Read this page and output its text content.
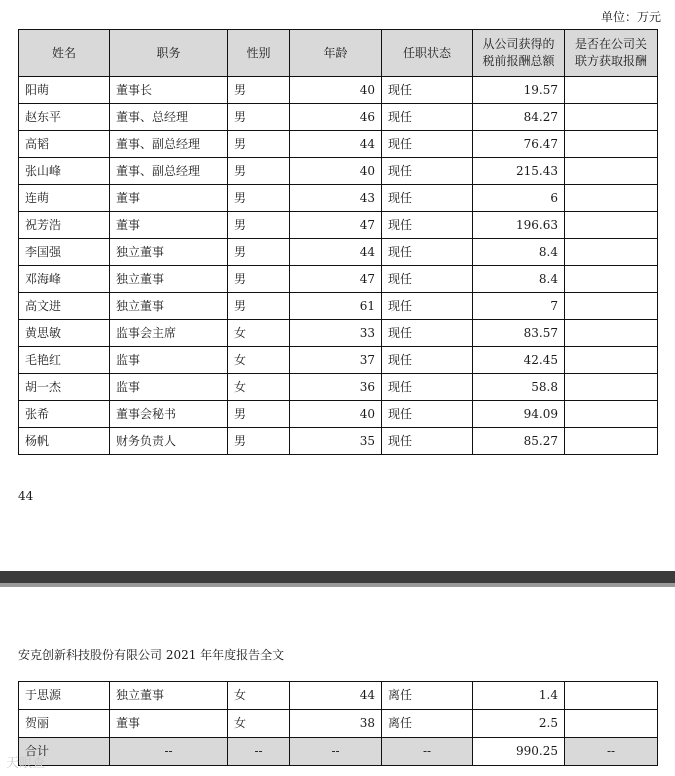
单位：万元
姓名	职务	性别	年龄	任职状态	从公司获得的税前报酬总额	是否在公司关联方获取报酬
阳萌	董事长	男	40	现任	19.57	
赵东平	董事、总经理	男	46	现任	84.27	
高韬	董事、副总经理	男	44	现任	76.47	
张山峰	董事、副总经理	男	40	现任	215.43	
连萌	董事	男	43	现任	6	
祝芳浩	董事	男	47	现任	196.63	
李国强	独立董事	男	44	现任	8.4	
邓海峰	独立董事	男	47	现任	8.4	
高文进	独立董事	男	61	现任	7	
黄思敏	监事会主席	女	33	现任	83.57	
毛艳红	监事	女	37	现任	42.45	
胡一杰	监事	女	36	现任	58.8	
张希	董事会秘书	男	40	现任	94.09	
杨帆	财务负责人	男	35	现任	85.27	
44
安克创新科技股份有限公司 2021 年年度报告全文
于思源	独立董事	女	44	离任	1.4	
贺丽	董事	女	38	离任	2.5	
合计	--	--	--	--	990.25	--
天眼查
